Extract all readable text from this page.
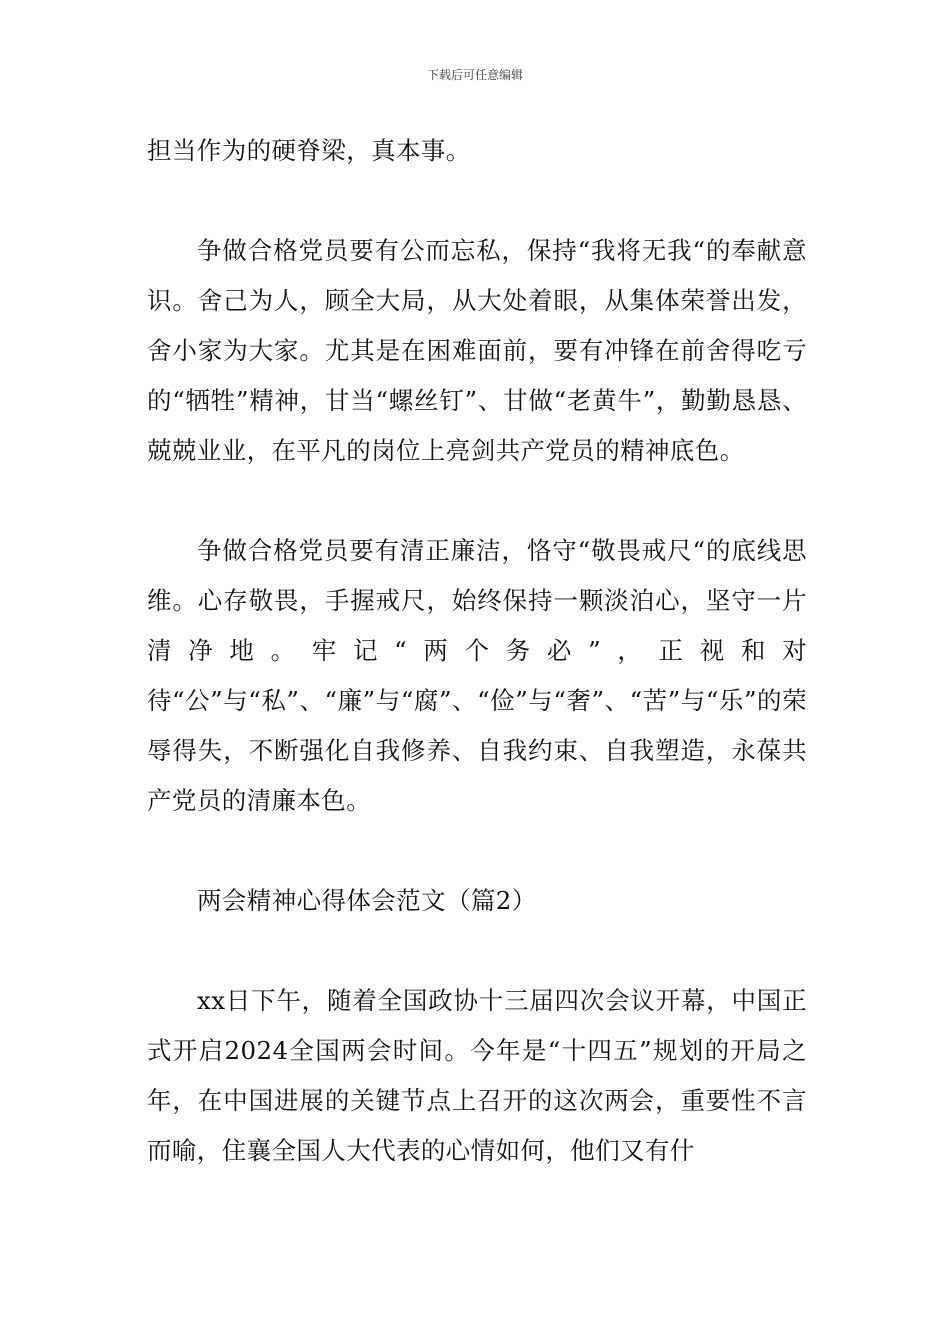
下载后可任意编辑

担当作为的硬脊梁，真本事。

争做合格党员要有公而忘私，保持“我将无我“的奉献意识。舍己为人，顾全大局，从大处着眼，从集体荣誉出发，舍小家为大家。尤其是在困难面前，要有冲锋在前舍得吃亏的“牺牲”精神，甘当“螺丝钉”、甘做“老黄牛”，勤勤恳恳、兢兢业业，在平凡的岗位上亮剑共产党员的精神底色。

争做合格党员要有清正廉洁，恪守“敬畏戒尺“的底线思维。心存敬畏，手握戒尺，始终保持一颗淡泊心，坚守一片清净地。牢记“两个务必”，正视和对待“公”与“私”、“廉”与“腐”、“俭”与“奢”、“苦”与“乐”的荣辱得失，不断强化自我修养、自我约束、自我塑造，永葆共产党员的清廉本色。

两会精神心得体会范文（篇2）

xx日下午，随着全国政协十三届四次会议开幕，中国正式开启2024全国两会时间。今年是“十四五”规划的开局之年，在中国进展的关键节点上召开的这次两会，重要性不言而喻，住襄全国人大代表的心情如何，他们又有什
